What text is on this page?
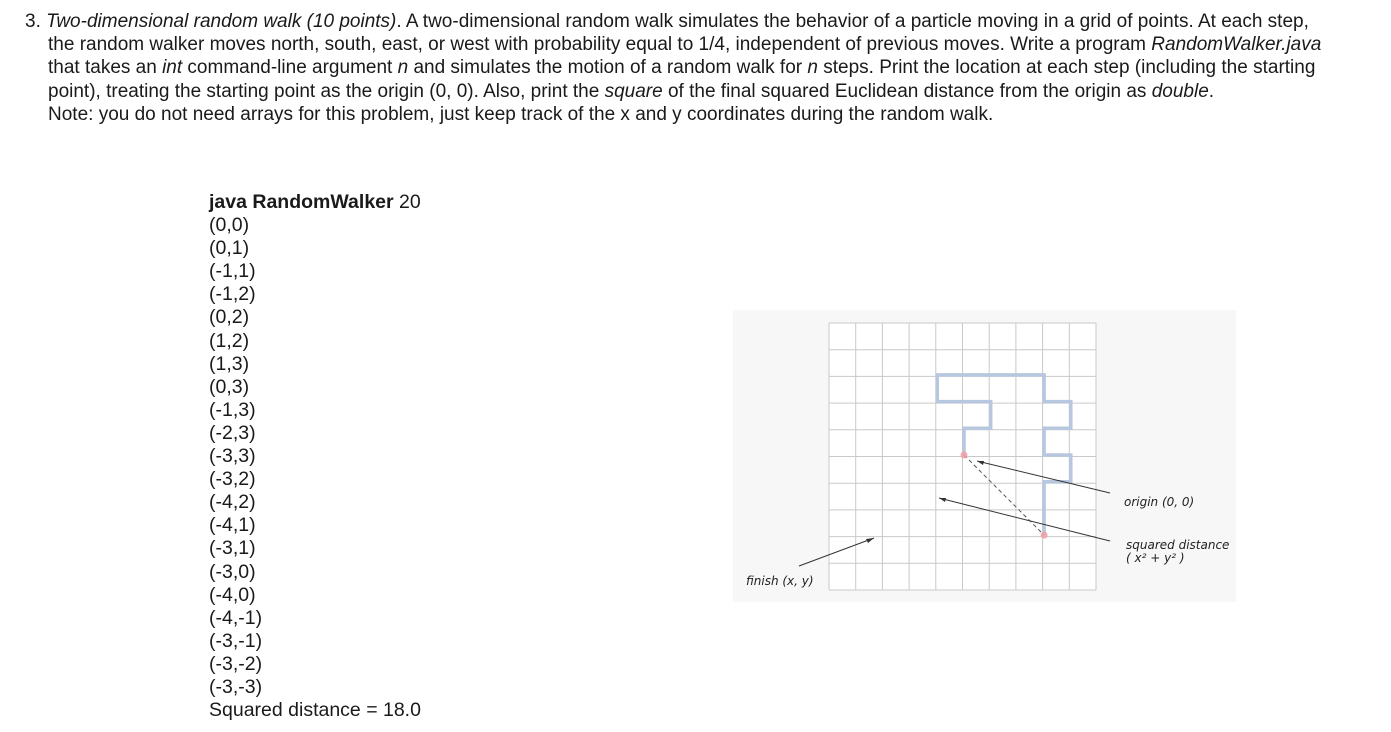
3. Two-dimensional random walk (10 points). A two-dimensional random walk simulates the behavior of a particle moving in a grid of points. At each step,
the random walker moves north, south, east, or west with probability equal to 1/4, independent of previous moves. Write a program RandomWalker.java
that takes an int command-line argument n and simulates the motion of a random walk for n steps. Print the location at each step (including the starting
point), treating the starting point as the origin (0, 0). Also, print the square of the final squared Euclidean distance from the origin as double.
Note: you do not need arrays for this problem, just keep track of the x and y coordinates during the random walk.
java RandomWalker 20
(0,0)
(0,1)
(-1,1)
(-1,2)
(0,2)
(1,2)
(1,3)
(0,3)
(-1,3)
(-2,3)
(-3,3)
(-3,2)
(-4,2)
(-4,1)
(-3,1)
(-3,0)
(-4,0)
(-4,-1)
(-3,-1)
(-3,-2)
(-3,-3)
Squared distance = 18.0
origin (0, 0)
squared distance
( x² + y² )
finish (x, y)
